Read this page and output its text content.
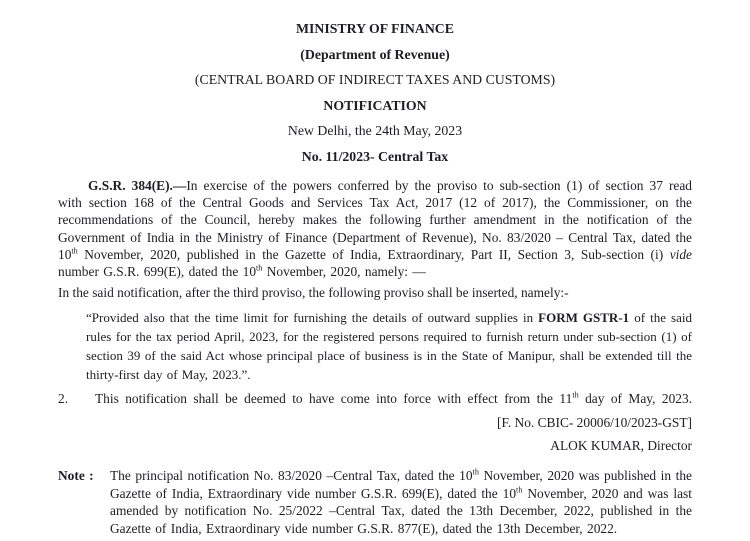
MINISTRY OF FINANCE
(Department of Revenue)
(CENTRAL BOARD OF INDIRECT TAXES AND CUSTOMS)
NOTIFICATION
New Delhi, the 24th May, 2023
No. 11/2023- Central Tax

G.S.R. 384(E).—In exercise of the powers conferred by the proviso to sub-section (1) of section 37 read with section 168 of the Central Goods and Services Tax Act, 2017 (12 of 2017), the Commissioner, on the recommendations of the Council, hereby makes the following further amendment in the notification of the Government of India in the Ministry of Finance (Department of Revenue), No. 83/2020 – Central Tax, dated the 10th November, 2020, published in the Gazette of India, Extraordinary, Part II, Section 3, Sub-section (i) vide number G.S.R. 699(E), dated the 10th November, 2020, namely: —

In the said notification, after the third proviso, the following proviso shall be inserted, namely:-

“Provided also that the time limit for furnishing the details of outward supplies in FORM GSTR-1 of the said rules for the tax period April, 2023, for the registered persons required to furnish return under sub-section (1) of section 39 of the said Act whose principal place of business is in the State of Manipur, shall be extended till the thirty-first day of May, 2023.”.

2. This notification shall be deemed to have come into force with effect from the 11th day of May, 2023.

[F. No. CBIC- 20006/10/2023-GST]

ALOK KUMAR, Director

Note : The principal notification No. 83/2020 –Central Tax, dated the 10th November, 2020 was published in the Gazette of India, Extraordinary vide number G.S.R. 699(E), dated the 10th November, 2020 and was last amended by notification No. 25/2022 –Central Tax, dated the 13th December, 2022, published in the Gazette of India, Extraordinary vide number G.S.R. 877(E), dated the 13th December, 2022.
